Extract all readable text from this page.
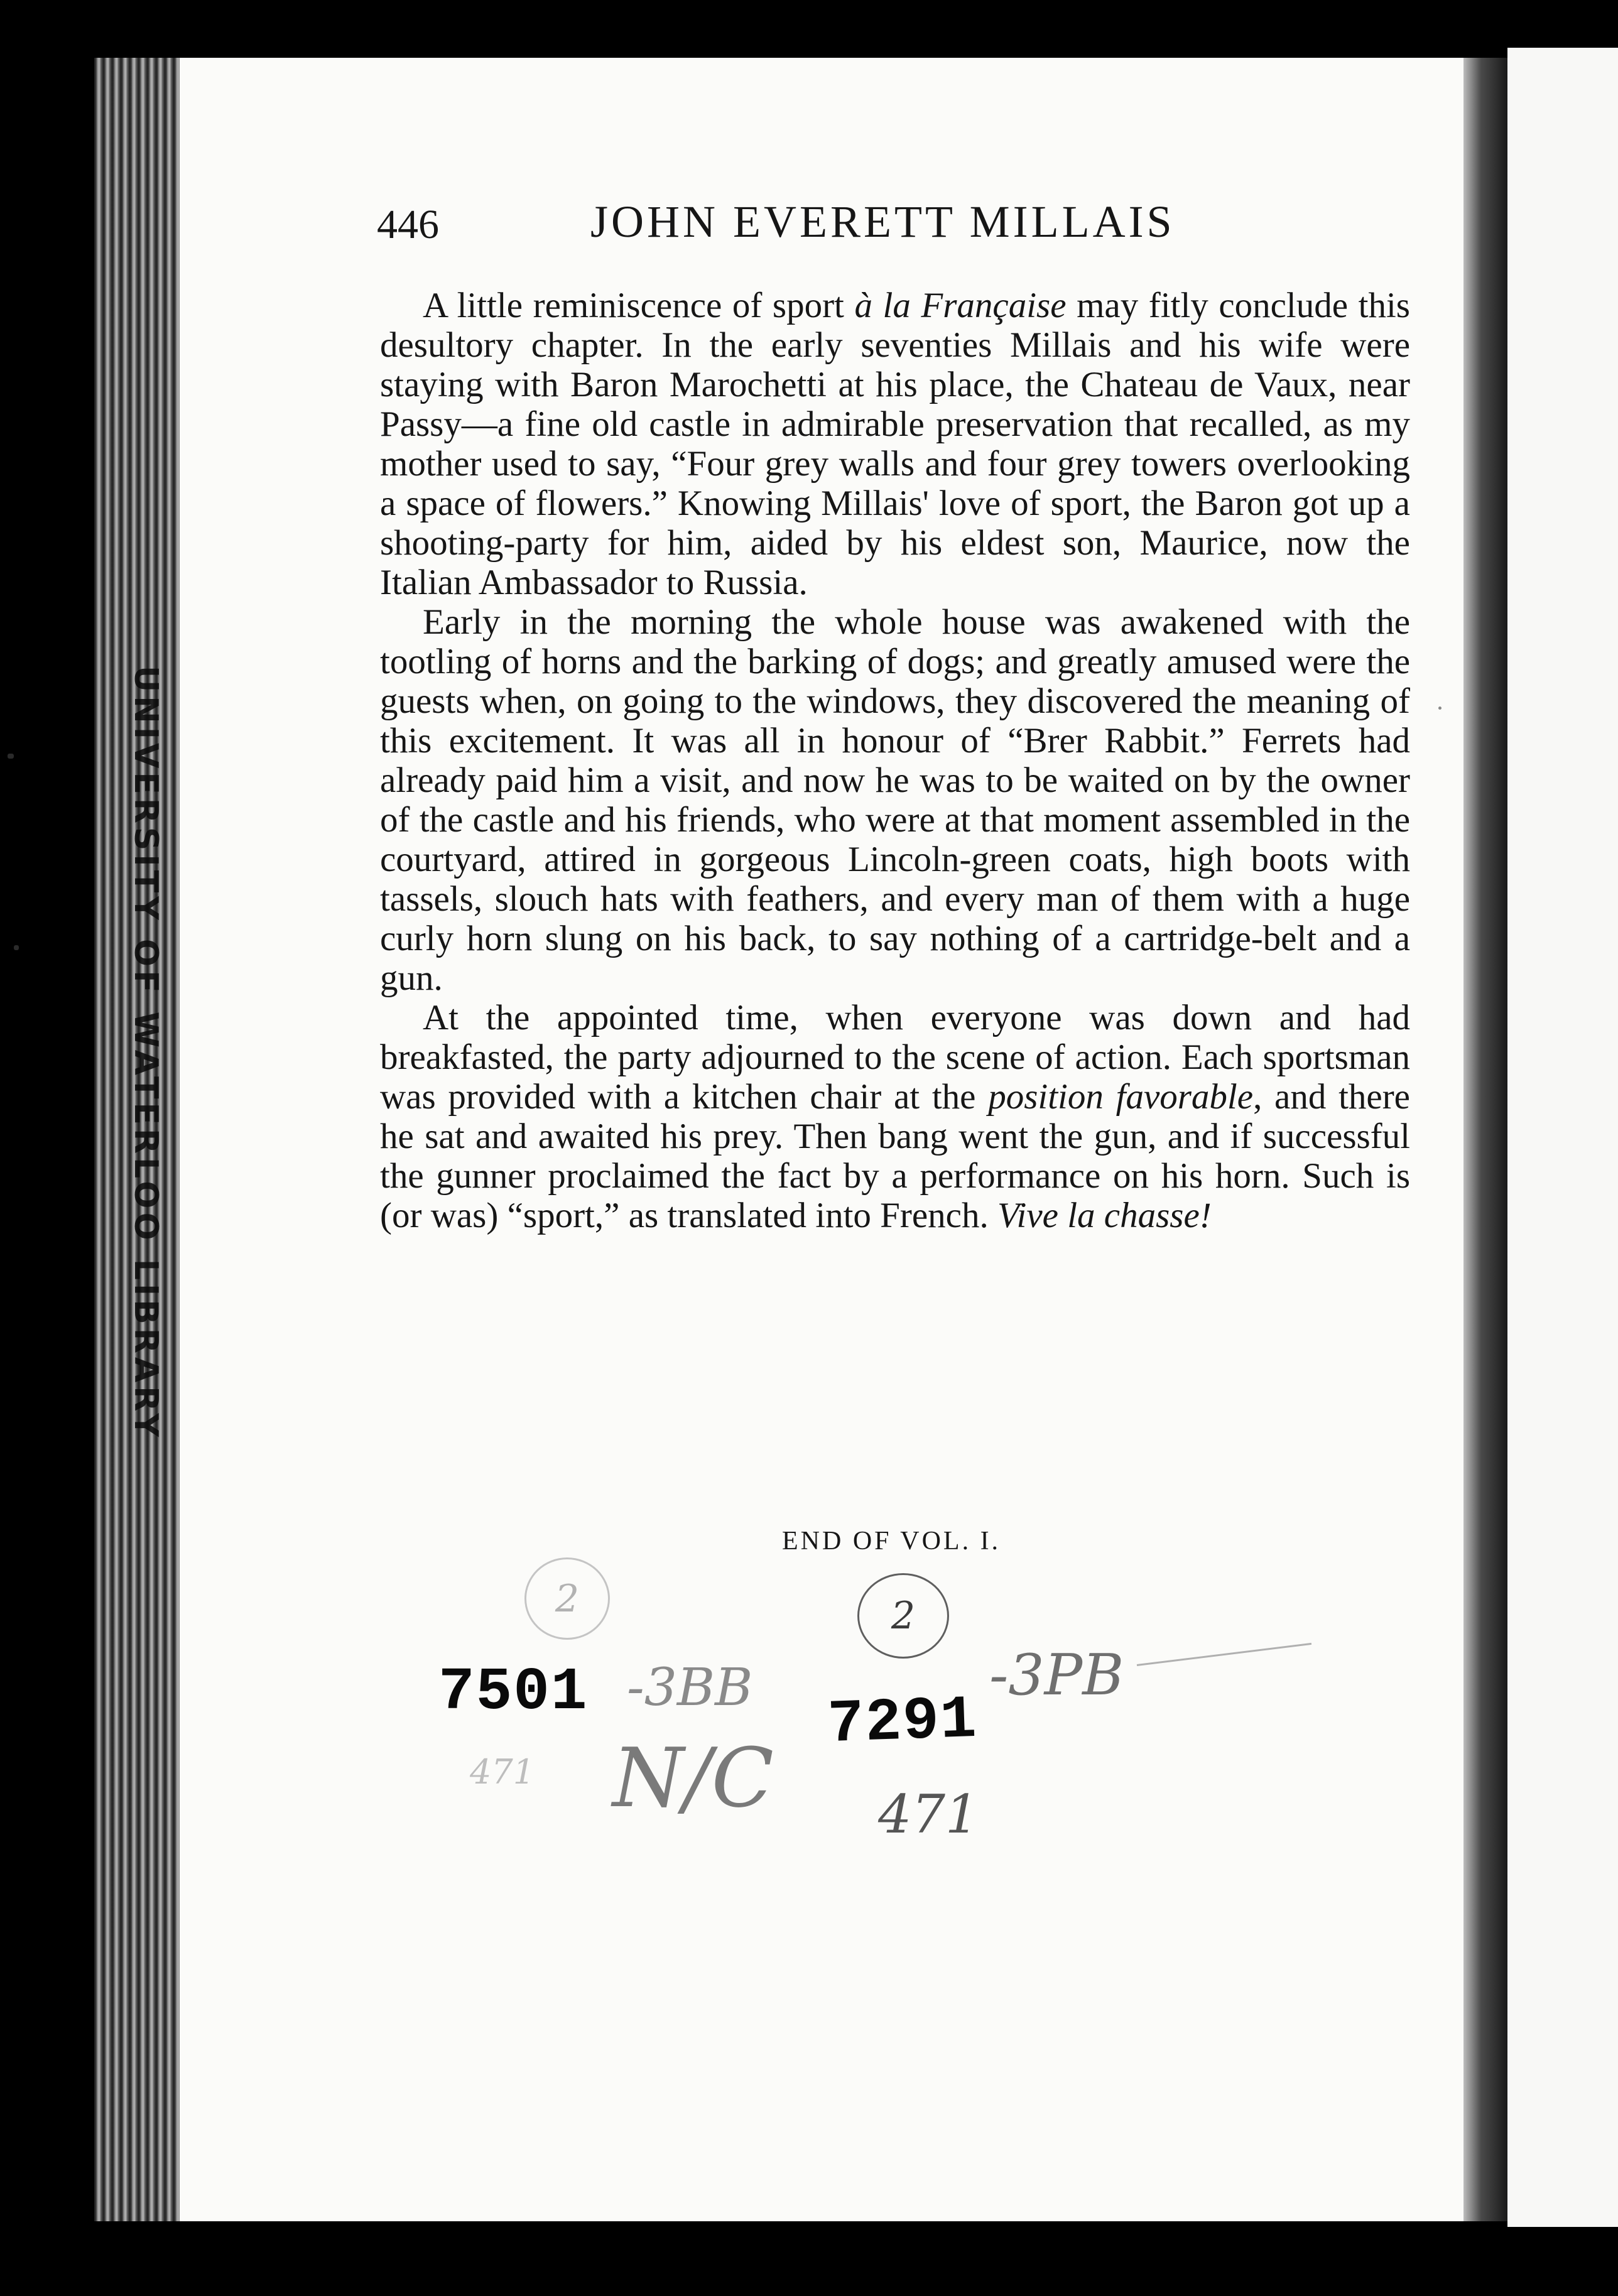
UNIVERSITY OF WATERLOO LIBRARY
446	JOHN EVERETT MILLAIS

A little reminiscence of sport à la Française may fitly conclude this desultory chapter. In the early seventies Millais and his wife were staying with Baron Marochetti at his place, the Chateau de Vaux, near Passy—a fine old castle in admirable preservation that recalled, as my mother used to say, “Four grey walls and four grey towers overlooking a space of flowers.” Knowing Millais' love of sport, the Baron got up a shooting-party for him, aided by his eldest son, Maurice, now the Italian Ambassador to Russia.

Early in the morning the whole house was awakened with the tootling of horns and the barking of dogs; and greatly amused were the guests when, on going to the windows, they discovered the meaning of this excitement. It was all in honour of “Brer Rabbit.” Ferrets had already paid him a visit, and now he was to be waited on by the owner of the castle and his friends, who were at that moment assembled in the courtyard, attired in gorgeous Lincoln-green coats, high boots with tassels, slouch hats with feathers, and every man of them with a huge curly horn slung on his back, to say nothing of a cartridge-belt and a gun.

At the appointed time, when everyone was down and had breakfasted, the party adjourned to the scene of action. Each sportsman was provided with a kitchen chair at the position favorable, and there he sat and awaited his prey. Then bang went the gun, and if successful the gunner proclaimed the fact by a performance on his horn. Such is (or was) “sport,” as translated into French. Vive la chasse!

END OF VOL. I.
2	2
7501 -3BB 7291
-3PB
N/C
471
471
